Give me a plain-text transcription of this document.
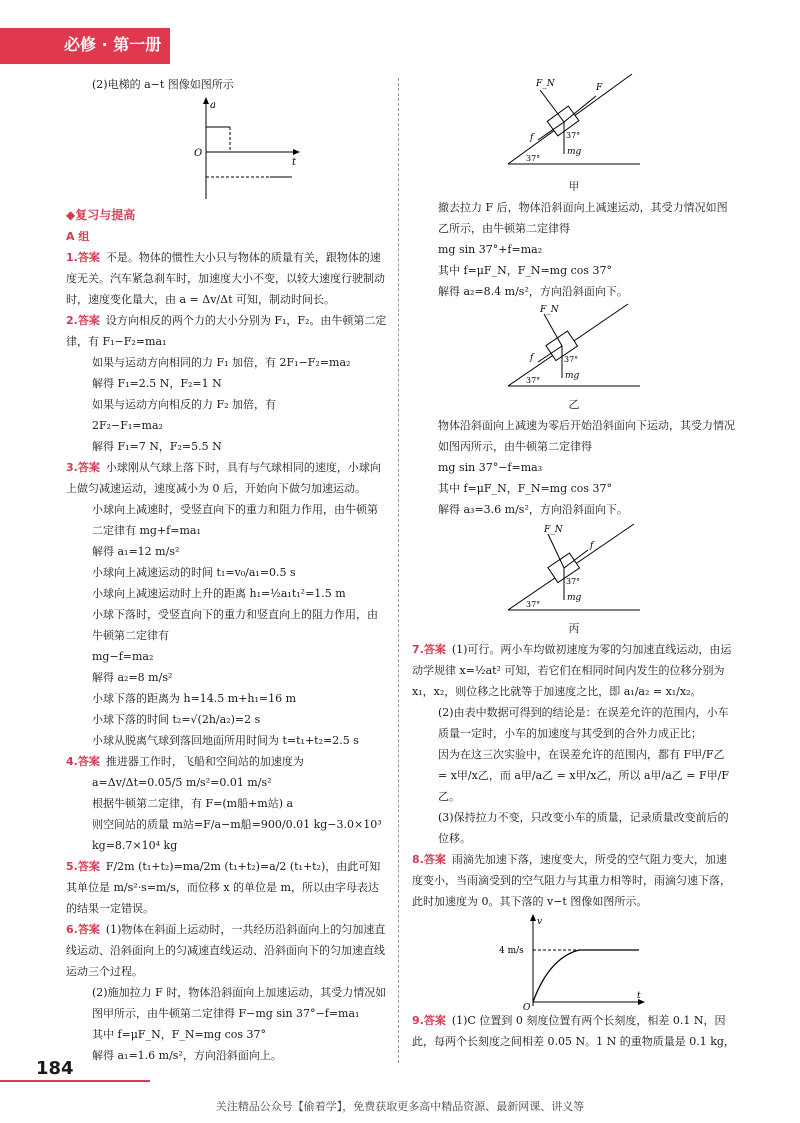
必修 · 第一册

(2)电梯的 a−t 图像如图所示

a
O
t

◆复习与提高

A 组

1.答案 不是。物体的惯性大小只与物体的质量有关，跟物体的速度无关。汽车紧急刹车时，加速度大小不变，以较大速度行驶制动时，速度变化量大，由 a = Δv/Δt 可知，制动时间长。

2.答案 设方向相反的两个力的大小分别为 F₁，F₂。由牛顿第二定律，有 F₁−F₂=ma₁

如果与运动方向相同的力 F₁ 加倍，有 2F₁−F₂=ma₂

解得 F₁=2.5 N，F₂=1 N

如果与运动方向相反的力 F₂ 加倍，有

2F₂−F₁=ma₂

解得 F₁=7 N，F₂=5.5 N

3.答案 小球刚从气球上落下时，具有与气球相同的速度，小球向上做匀减速运动，速度减小为 0 后，开始向下做匀加速运动。

小球向上减速时，受竖直向下的重力和阻力作用，由牛顿第二定律有 mg+f=ma₁

解得 a₁=12 m/s²

小球向上减速运动的时间 t₁=v₀/a₁=0.5 s

小球向上减速运动时上升的距离 h₁=½a₁t₁²=1.5 m

小球下落时，受竖直向下的重力和竖直向上的阻力作用，由牛顿第二定律有

mg−f=ma₂

解得 a₂=8 m/s²

小球下落的距离为 h=14.5 m+h₁=16 m

小球下落的时间 t₂=√(2h/a₂)=2 s

小球从脱离气球到落回地面所用时间为 t=t₁+t₂=2.5 s

4.答案 推进器工作时，飞船和空间站的加速度为

a=Δv/Δt=0.05/5 m/s²=0.01 m/s²

根据牛顿第二定律，有 F=(m船+m站) a

则空间站的质量 m站=F/a−m船=900/0.01 kg−3.0×10³ kg=8.7×10⁴ kg

5.答案 F/2m (t₁+t₂)=ma/2m (t₁+t₂)=a/2 (t₁+t₂)，由此可知其单位是 m/s²·s=m/s，而位移 x 的单位是 m，所以由字母表达的结果一定错误。

6.答案 (1)物体在斜面上运动时，一共经历沿斜面向上的匀加速直线运动、沿斜面向上的匀减速直线运动、沿斜面向下的匀加速直线运动三个过程。

(2)施加拉力 F 时，物体沿斜面向上加速运动，其受力情况如图甲所示，由牛顿第二定律得 F−mg sin 37°−f=ma₁

其中 f=μF_N，F_N=mg cos 37°

解得 a₁=1.6 m/s²，方向沿斜面向上。

F_N	F
f
mg
37°
37°

甲

撤去拉力 F 后，物体沿斜面向上减速运动，其受力情况如图乙所示，由牛顿第二定律得

mg sin 37°+f=ma₂

其中 f=μF_N，F_N=mg cos 37°

解得 a₂=8.4 m/s²，方向沿斜面向下。

F_N
f
mg
37°
37°

乙

物体沿斜面向上减速为零后开始沿斜面向下运动，其受力情况如图丙所示，由牛顿第二定律得

mg sin 37°−f=ma₃

其中 f=μF_N，F_N=mg cos 37°

解得 a₃=3.6 m/s²，方向沿斜面向下。

F_N
f
mg
37°
37°

丙

7.答案 (1)可行。两小车均做初速度为零的匀加速直线运动，由运动学规律 x=½at² 可知，若它们在相同时间内发生的位移分别为 x₁，x₂，则位移之比就等于加速度之比，即 a₁/a₂ = x₁/x₂。

(2)由表中数据可得到的结论是：在误差允许的范围内，小车质量一定时，小车的加速度与其受到的合外力成正比；

因为在这三次实验中，在误差允许的范围内，都有 F甲/F乙 = x甲/x乙，而 a甲/a乙 = x甲/x乙，所以 a甲/a乙 = F甲/F乙。

(3)保持拉力不变，只改变小车的质量，记录质量改变前后的位移。

8.答案 雨滴先加速下落，速度变大，所受的空气阻力变大，加速度变小，当雨滴受到的空气阻力与其重力相等时，雨滴匀速下落，此时加速度为 0。其下落的 v−t 图像如图所示。

v
4 m/s
O
t

9.答案 (1)C 位置到 0 刻度位置有两个长刻度，相差 0.1 N，因此，每两个长刻度之间相差 0.05 N。1 N 的重物质量是 0.1 kg，

184
关注精品公众号【偷着学】，免费获取更多高中精品资源、最新网课、讲义等
